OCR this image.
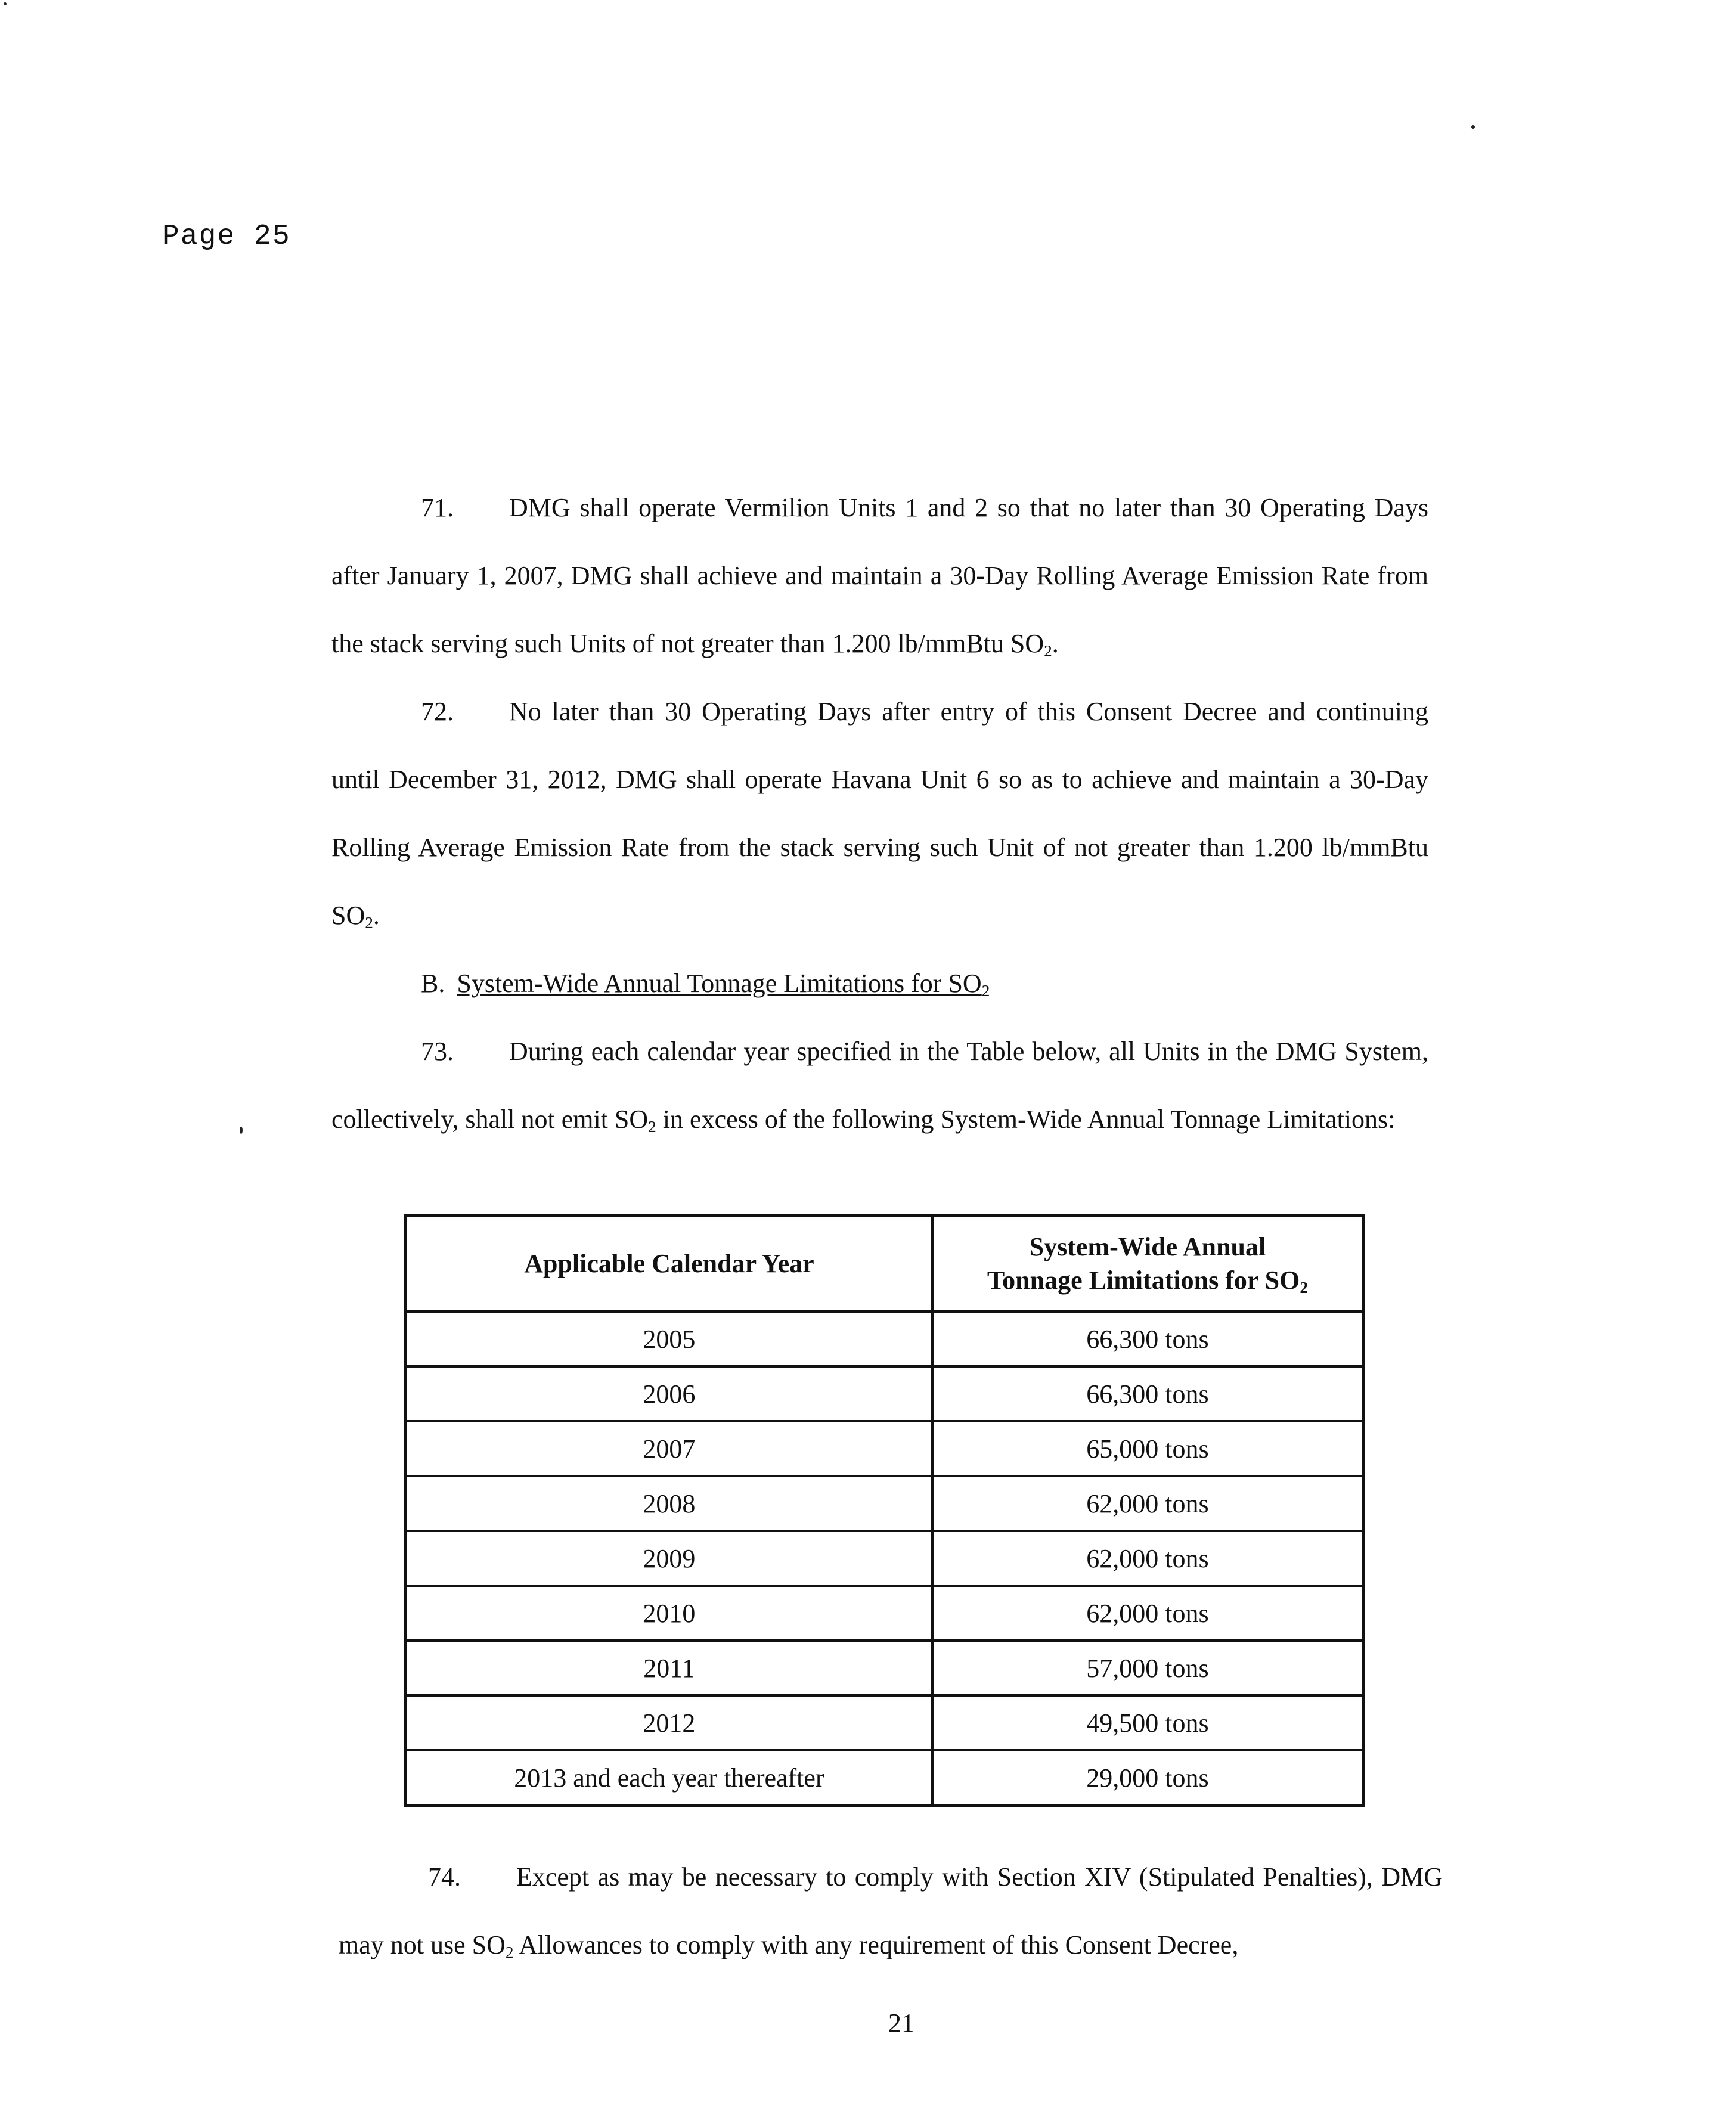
Page 25

71. DMG shall operate Vermilion Units 1 and 2 so that no later than 30 Operating Days after January 1, 2007, DMG shall achieve and maintain a 30-Day Rolling Average Emission Rate from the stack serving such Units of not greater than 1.200 lb/mmBtu $SO_2$.

72. No later than 30 Operating Days after entry of this Consent Decree and continuing until December 31, 2012, DMG shall operate Havana Unit 6 so as to achieve and maintain a 30-Day Rolling Average Emission Rate from the stack serving such Unit of not greater than 1.200 lb/mmBtu $SO_2$.

B. System-Wide Annual Tonnage Limitations for $SO_2$

73. During each calendar year specified in the Table below, all Units in the DMG System, collectively, shall not emit $SO_2$ in excess of the following System-Wide Annual Tonnage Limitations:

Applicable Calendar Year	System-Wide Annual
Tonnage Limitations for $SO_2$
2005	66,300 tons
2006	66,300 tons
2007	65,000 tons
2008	62,000 tons
2009	62,000 tons
2010	62,000 tons
2011	57,000 tons
2012	49,500 tons
2013 and each year thereafter	29,000 tons
74. Except as may be necessary to comply with Section XIV (Stipulated Penalties), DMG may not use $SO_2$ Allowances to comply with any requirement of this Consent Decree,

21
